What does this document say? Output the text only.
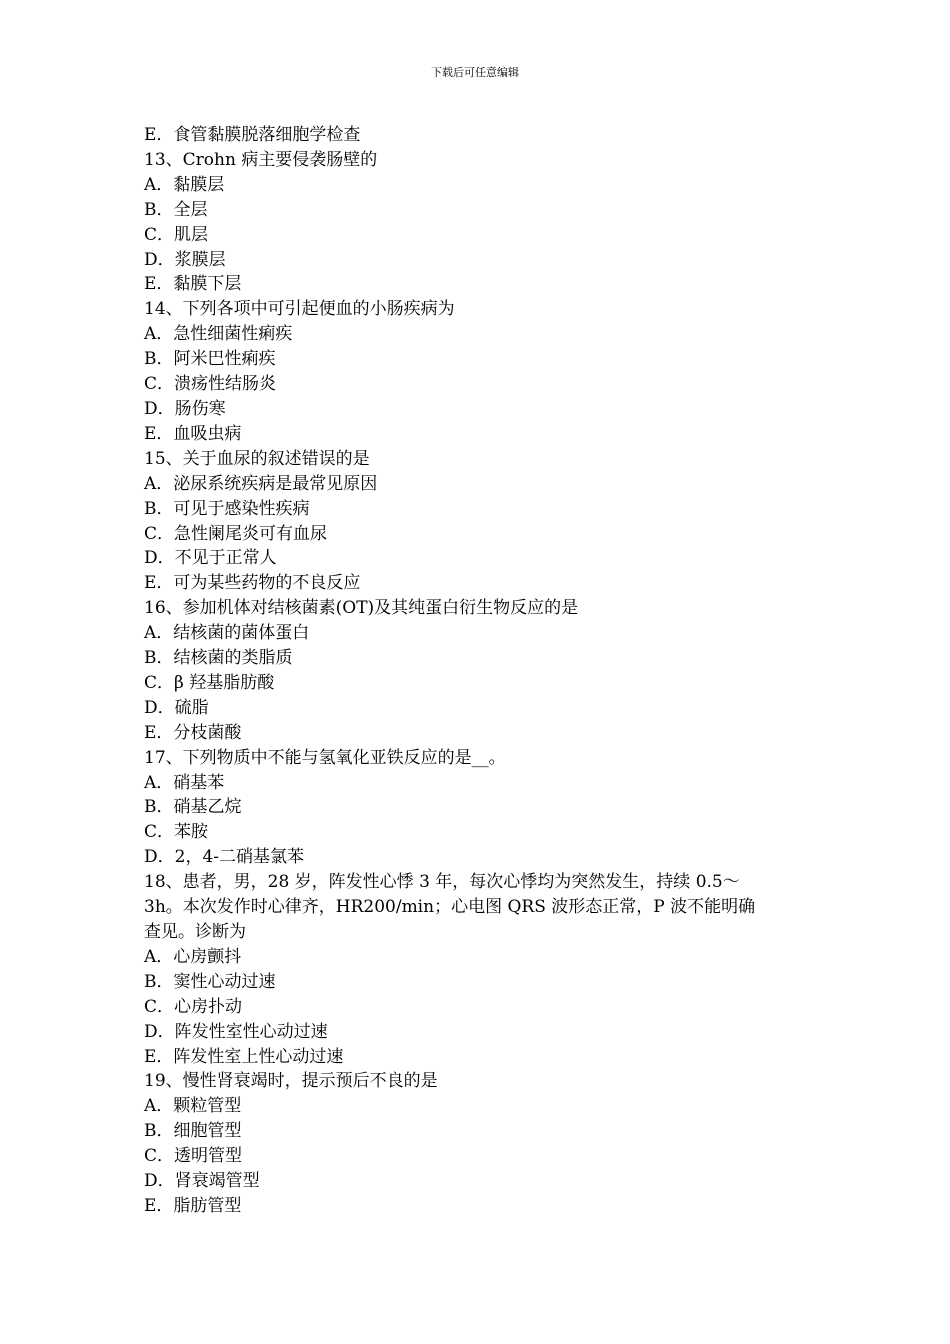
下载后可任意编辑
E．食管黏膜脱落细胞学检查
13、Crohn 病主要侵袭肠壁的
A．黏膜层
B．全层
C．肌层
D．浆膜层
E．黏膜下层
14、下列各项中可引起便血的小肠疾病为
A．急性细菌性痢疾
B．阿米巴性痢疾
C．溃疡性结肠炎
D．肠伤寒
E．血吸虫病
15、关于血尿的叙述错误的是
A．泌尿系统疾病是最常见原因
B．可见于感染性疾病
C．急性阑尾炎可有血尿
D．不见于正常人
E．可为某些药物的不良反应
16、参加机体对结核菌素(OT)及其纯蛋白衍生物反应的是
A．结核菌的菌体蛋白
B．结核菌的类脂质
C．β 羟基脂肪酸
D．硫脂
E．分枝菌酸
17、下列物质中不能与氢氧化亚铁反应的是__。
A．硝基苯
B．硝基乙烷
C．苯胺
D．2，4-二硝基氯苯
18、患者，男，28 岁，阵发性心悸 3 年，每次心悸均为突然发生，持续 0.5～
3h。本次发作时心律齐，HR200/min；心电图 QRS 波形态正常，P 波不能明确
查见。诊断为
A．心房颤抖
B．窦性心动过速
C．心房扑动
D．阵发性室性心动过速
E．阵发性室上性心动过速
19、慢性肾衰竭时，提示预后不良的是
A．颗粒管型
B．细胞管型
C．透明管型
D．肾衰竭管型
E．脂肪管型
